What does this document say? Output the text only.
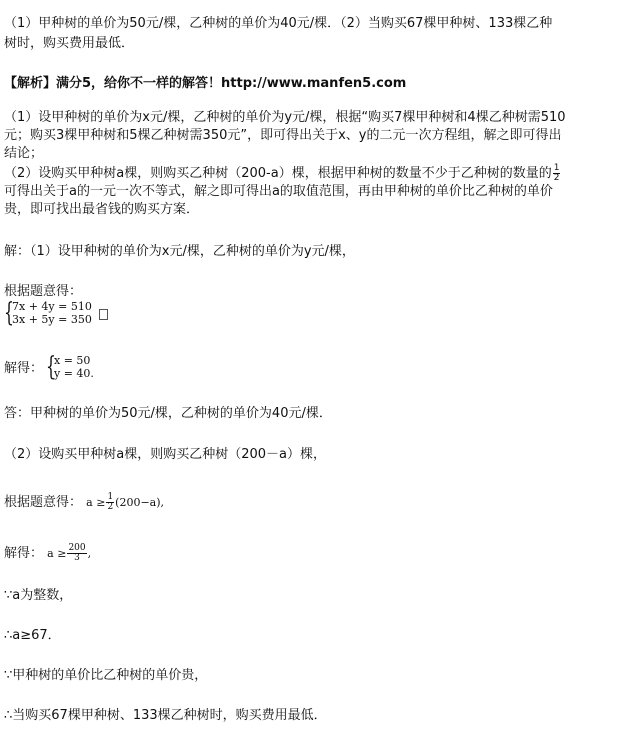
（1）甲种树的单价为50元/棵，乙种树的单价为40元/棵．（2）当购买67棵甲种树、133棵乙种
树时，购买费用最低．
【解析】满分5，给你不一样的解答！http://www.manfen5.com
（1）设甲种树的单价为x元/棵，乙种树的单价为y元/棵，根据“购买7棵甲种树和4棵乙种树需510
元；购买3棵甲种树和5棵乙种树需350元”，即可得出关于x、y的二元一次方程组，解之即可得出
结论；
（2）设购买甲种树a棵，则购买乙种树（200-a）棵，根据甲种树的数量不少于乙种树的数量的 $\frac{1}{2}$
可得出关于a的一元一次不等式，解之即可得出a的取值范围，再由甲种树的单价比乙种树的单价
贵，即可找出最省钱的购买方案．
解：（1）设甲种树的单价为x元/棵，乙种树的单价为y元/棵，
根据题意得：
{
7x + 4y = 510
3x + 5y = 350
解得： {
x = 50
y = 40.
答：甲种树的单价为50元/棵，乙种树的单价为40元/棵．
（2）设购买甲种树a棵，则购买乙种树（200－a）棵，
根据题意得： $a \ge \frac{1}{2} (200-a)$,
解得： $a \ge \frac{200}{3}$ ,
∵a为整数，
∴a≥67．
∵甲种树的单价比乙种树的单价贵，
∴当购买67棵甲种树、133棵乙种树时，购买费用最低．
